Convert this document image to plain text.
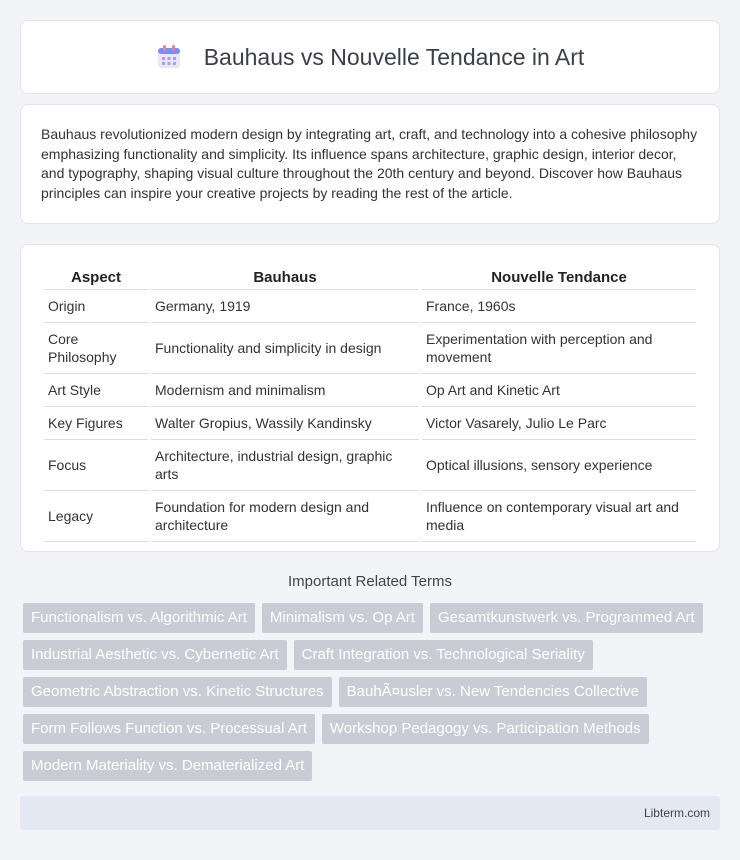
Bauhaus vs Nouvelle Tendance in Art

Bauhaus revolutionized modern design by integrating art, craft, and technology into a cohesive philosophy emphasizing functionality and simplicity. Its influence spans architecture, graphic design, interior decor, and typography, shaping visual culture throughout the 20th century and beyond. Discover how Bauhaus principles can inspire your creative projects by reading the rest of the article.

Aspect	Bauhaus	Nouvelle Tendance
Origin	Germany, 1919	France, 1960s
Core Philosophy	Functionality and simplicity in design	Experimentation with perception and movement
Art Style	Modernism and minimalism	Op Art and Kinetic Art
Key Figures	Walter Gropius, Wassily Kandinsky	Victor Vasarely, Julio Le Parc
Focus	Architecture, industrial design, graphic arts	Optical illusions, sensory experience
Legacy	Foundation for modern design and architecture	Influence on contemporary visual art and media
Important Related Terms
Functionalism vs. Algorithmic Art	Minimalism vs. Op Art	Gesamtkunstwerk vs. Programmed Art
Industrial Aesthetic vs. Cybernetic Art	Craft Integration vs. Technological Seriality
Geometric Abstraction vs. Kinetic Structures	BauhÃ¤usler vs. New Tendencies Collective
Form Follows Function vs. Processual Art	Workshop Pedagogy vs. Participation Methods
Modern Materiality vs. Dematerialized Art
Libterm.com
